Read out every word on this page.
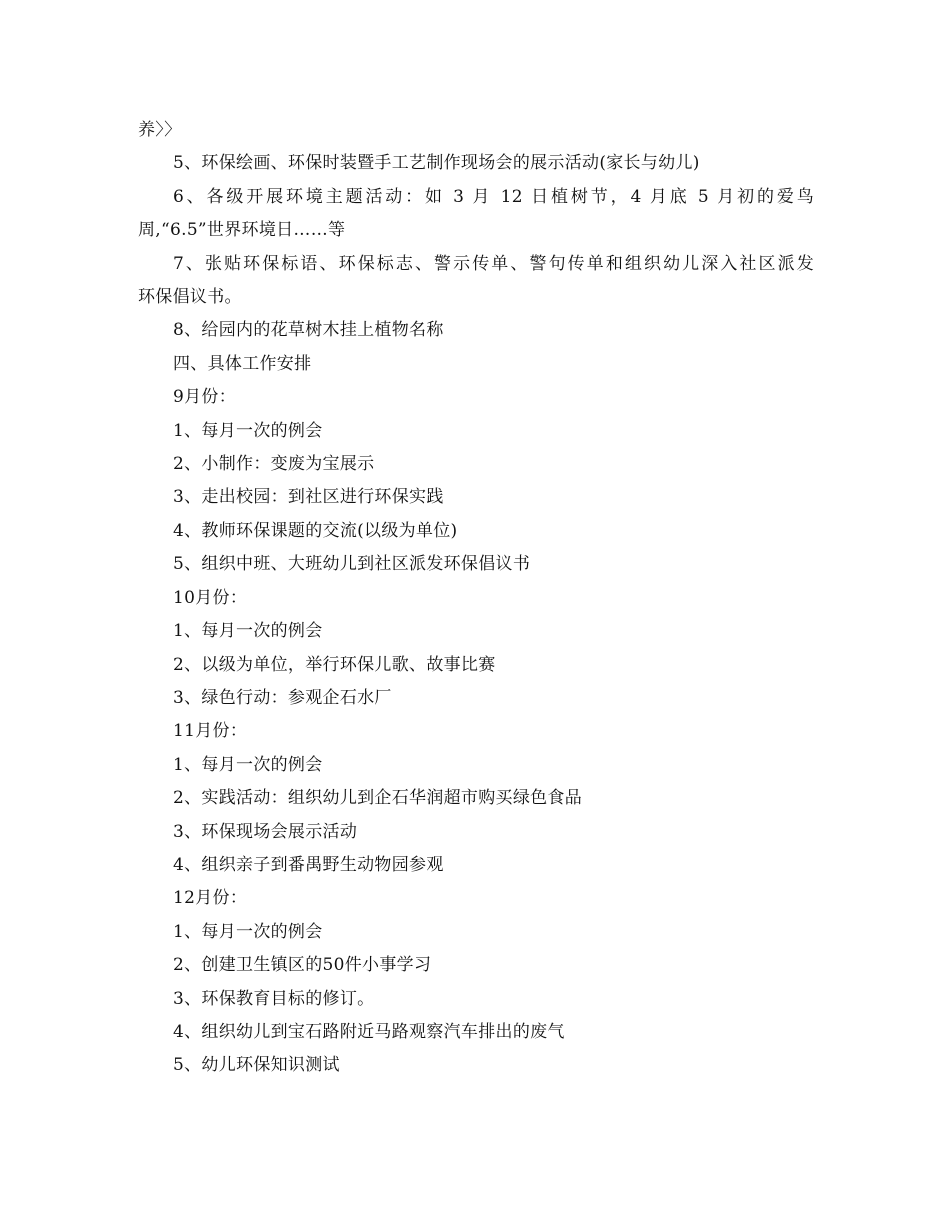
养〉〉
5、环保绘画、环保时装暨手工艺制作现场会的展示活动(家长与幼儿)
6、各级开展环境主题活动：如 3 月 12 日植树节，4 月底 5 月初的爱鸟
周,“6.5”世界环境日……等
7、张贴环保标语、环保标志、警示传单、警句传单和组织幼儿深入社区派发
环保倡议书。
8、给园内的花草树木挂上植物名称
四、具体工作安排
9月份：
1、每月一次的例会
2、小制作：变废为宝展示
3、走出校园：到社区进行环保实践
4、教师环保课题的交流(以级为单位)
5、组织中班、大班幼儿到社区派发环保倡议书
10月份：
1、每月一次的例会
2、以级为单位，举行环保儿歌、故事比赛
3、绿色行动：参观企石水厂
11月份：
1、每月一次的例会
2、实践活动：组织幼儿到企石华润超市购买绿色食品
3、环保现场会展示活动
4、组织亲子到番禺野生动物园参观
12月份：
1、每月一次的例会
2、创建卫生镇区的50件小事学习
3、环保教育目标的修订。
4、组织幼儿到宝石路附近马路观察汽车排出的废气
5、幼儿环保知识测试
